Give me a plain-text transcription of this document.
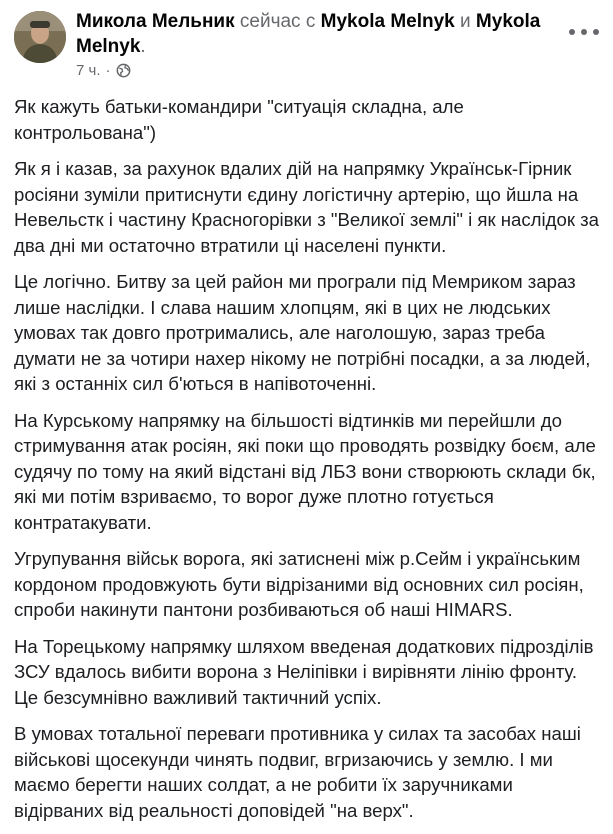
Микола Мельник сейчас с Mykola Melnyk и Mykola Melnyk.
7 ч. ·

Як кажуть батьки-командири "ситуація складна, але контрольована")

Як я і казав, за рахунок вдалих дій на напрямку Українськ-Гірник росіяни зуміли притиснути єдину логістичну артерію, що йшла на Невельстк і частину Красногорівки з "Великої землі" і як наслідок за два дні ми остаточно втратили ці населені пункти.

Це логічно. Битву за цей район ми програли під Мемриком зараз лише наслідки. І слава нашим хлопцям, які в цих не людських умовах так довго протримались, але наголошую, зараз треба думати не за чотири нахер нікому не потрібні посадки, а за людей, які з останніх сил б'ються в напівоточенні.

На Курському напрямку на більшості відтинків ми перейшли до стримування атак росіян, які поки що проводять розвідку боєм, але судячу по тому на який відстані від ЛБЗ вони створюють склади бк, які ми потім взриваємо, то ворог дуже плотно готується контратакувати.

Угрупування військ ворога, які затиснені між р.Сейм і українським кордоном продовжують бути відрізаними від основних сил росіян, спроби накинути пантони розбиваються об наші HIMARS.

На Торецькому напрямку шляхом введеная додаткових підрозділів ЗСУ вдалось вибити ворона з Неліпівки і вирівняти лінію фронту. Це безсумнівно важливий тактичний успіх.

В умовах тотальної переваги противника у силах та засобах наші військові щосекунди чинять подвиг, вгризаючись у землю. І ми маємо берегти наших солдат, а не робити їх заручниками відірваних від реальності доповідей "на верх".
